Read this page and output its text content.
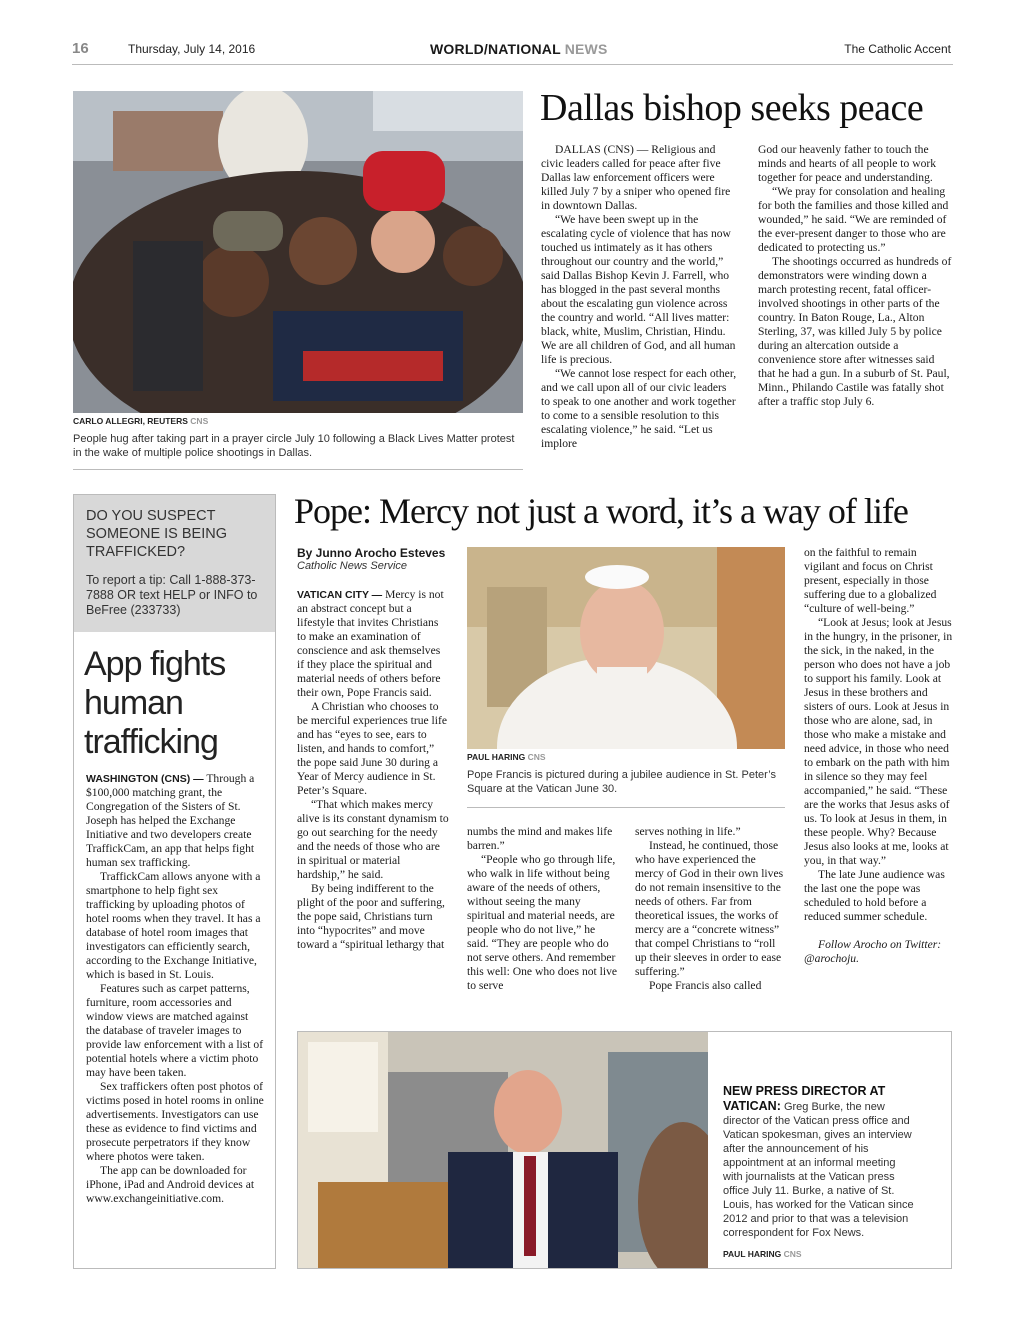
16	Thursday, July 14, 2016	WORLD/NATIONAL NEWS	The Catholic Accent
CARLO ALLEGRI, REUTERS CNS
People hug after taking part in a prayer circle July 10 following a Black Lives Matter protest in the wake of multiple police shootings in Dallas.
Dallas bishop seeks peace

DALLAS (CNS) — Religious and civic leaders called for peace after five Dallas law enforcement officers were killed July 7 by a sniper who opened fire in downtown Dallas.

“We have been swept up in the escalating cycle of violence that has now touched us intimately as it has others throughout our country and the world,” said Dallas Bishop Kevin J. Farrell, who has blogged in the past several months about the escalating gun violence across the country and world. “All lives matter: black, white, Muslim, Christian, Hindu. We are all children of God, and all human life is precious.

“We cannot lose respect for each other, and we call upon all of our civic leaders to speak to one another and work together to come to a sensible resolution to this escalating violence,” he said. “Let us implore

God our heavenly father to touch the minds and hearts of all people to work together for peace and understanding.

“We pray for consolation and healing for both the families and those killed and wounded,” he said. “We are reminded of the ever-present danger to those who are dedicated to protecting us.”

The shootings occurred as hundreds of demonstrators were winding down a march protesting recent, fatal officer-involved shootings in other parts of the country. In Baton Rouge, La., Alton Sterling, 37, was killed July 5 by police during an altercation outside a convenience store after witnesses said that he had a gun. In a suburb of St. Paul, Minn., Philando Castile was fatally shot after a traffic stop July 6.

DO YOU SUSPECT SOMEONE IS BEING TRAFFICKED?
To report a tip: Call 1-888-373-7888 OR text HELP or INFO to BeFree (233733)
App fights human trafficking

WASHINGTON (CNS) — Through a $100,000 matching grant, the Congregation of the Sisters of St. Joseph has helped the Exchange Initiative and two developers create TraffickCam, an app that helps fight human sex trafficking.

TraffickCam allows anyone with a smartphone to help fight sex trafficking by uploading photos of hotel rooms when they travel. It has a database of hotel room images that investigators can efficiently search, according to the Exchange Initiative, which is based in St. Louis.

Features such as carpet patterns, furniture, room accessories and window views are matched against the database of traveler images to provide law enforcement with a list of potential hotels where a victim photo may have been taken.

Sex traffickers often post photos of victims posed in hotel rooms in online advertisements. Investigators can use these as evidence to find victims and prosecute perpetrators if they know where photos were taken.

The app can be downloaded for iPhone, iPad and Android devices at www.exchangeinitiative.com.

Pope: Mercy not just a word, it’s a way of life
By Junno Arocho Esteves
Catholic News Service

VATICAN CITY — Mercy is not an abstract concept but a lifestyle that invites Christians to make an examination of conscience and ask themselves if they place the spiritual and material needs of others before their own, Pope Francis said.

A Christian who chooses to be merciful experiences true life and has “eyes to see, ears to listen, and hands to comfort,” the pope said June 30 during a Year of Mercy audience in St. Peter’s Square.

“That which makes mercy alive is its constant dynamism to go out searching for the needy and the needs of those who are in spiritual or material hardship,” he said.

By being indifferent to the plight of the poor and suffering, the pope said, Christians turn into “hypocrites” and move toward a “spiritual lethargy that

PAUL HARING CNS
Pope Francis is pictured during a jubilee audience in St. Peter’s Square at the Vatican June 30.

numbs the mind and makes life barren.”

“People who go through life, who walk in life without being aware of the needs of others, without seeing the many spiritual and material needs, are people who do not live,” he said. “They are people who do not serve others. And remember this well: One who does not live to serve

serves nothing in life.”

Instead, he continued, those who have experienced the mercy of God in their own lives do not remain insensitive to the needs of others. Far from theoretical issues, the works of mercy are a “concrete witness” that compel Christians to “roll up their sleeves in order to ease suffering.”

Pope Francis also called

on the faithful to remain vigilant and focus on Christ present, especially in those suffering due to a globalized “culture of well-being.”

“Look at Jesus; look at Jesus in the hungry, in the prisoner, in the sick, in the naked, in the person who does not have a job to support his family. Look at Jesus in these brothers and sisters of ours. Look at Jesus in those who are alone, sad, in those who make a mistake and need advice, in those who need to embark on the path with him in silence so they may feel accompanied,” he said. “These are the works that Jesus asks of us. To look at Jesus in them, in these people. Why? Because Jesus also looks at me, looks at you, in that way.”

The late June audience was the last one the pope was scheduled to hold before a reduced summer schedule.

Follow Arocho on Twitter: @arochoju.

NEW PRESS DIRECTOR AT VATICAN: Greg Burke, the new director of the Vatican press office and Vatican spokesman, gives an interview after the announcement of his appointment at an informal meeting with journalists at the Vatican press office July 11. Burke, a native of St. Louis, has worked for the Vatican since 2012 and prior to that was a television correspondent for Fox News.
PAUL HARING CNS
